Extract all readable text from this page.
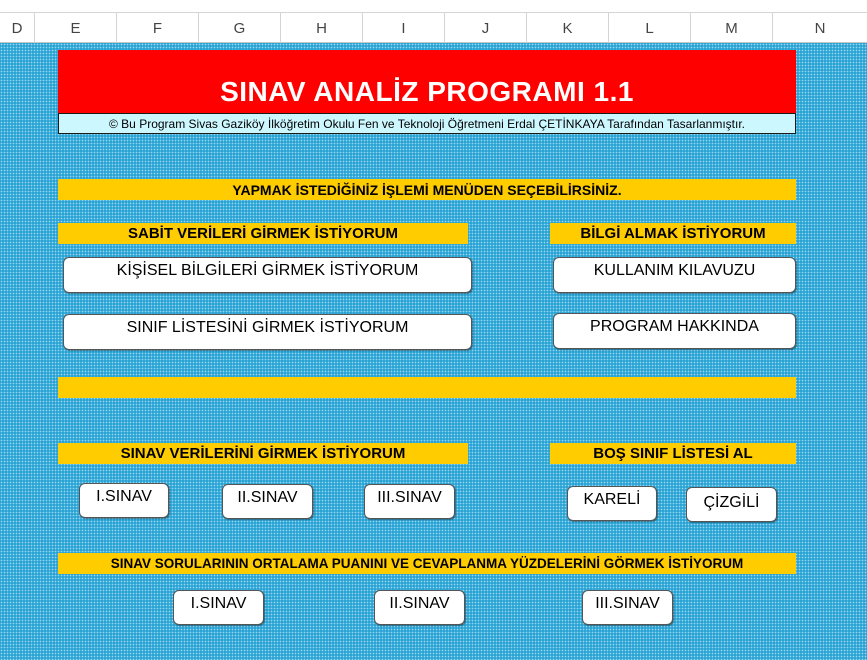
D	E	F	G	H	I	J	K	L	M	N
SINAV ANALİZ PROGRAMI 1.1
© Bu Program Sivas Gaziköy İlköğretim Okulu Fen ve Teknoloji Öğretmeni Erdal ÇETİNKAYA Tarafından Tasarlanmıştır.
YAPMAK İSTEDİĞİNİZ İŞLEMİ MENÜDEN SEÇEBİLİRSİNİZ.
SABİT VERİLERİ GİRMEK İSTİYORUM
KİŞİSEL BİLGİLERİ GİRMEK İSTİYORUM
SINIF LİSTESİNİ GİRMEK İSTİYORUM
BİLGİ ALMAK İSTİYORUM
KULLANIM KILAVUZU
PROGRAM HAKKINDA
SINAV VERİLERİNİ GİRMEK İSTİYORUM
I.SINAV	II.SINAV	III.SINAV
BOŞ SINIF LİSTESİ AL
KARELİ	ÇİZGİLİ
SINAV SORULARININ ORTALAMA PUANINI VE CEVAPLANMA YÜZDELERİNİ GÖRMEK İSTİYORUM
I.SINAV	II.SINAV	III.SINAV
